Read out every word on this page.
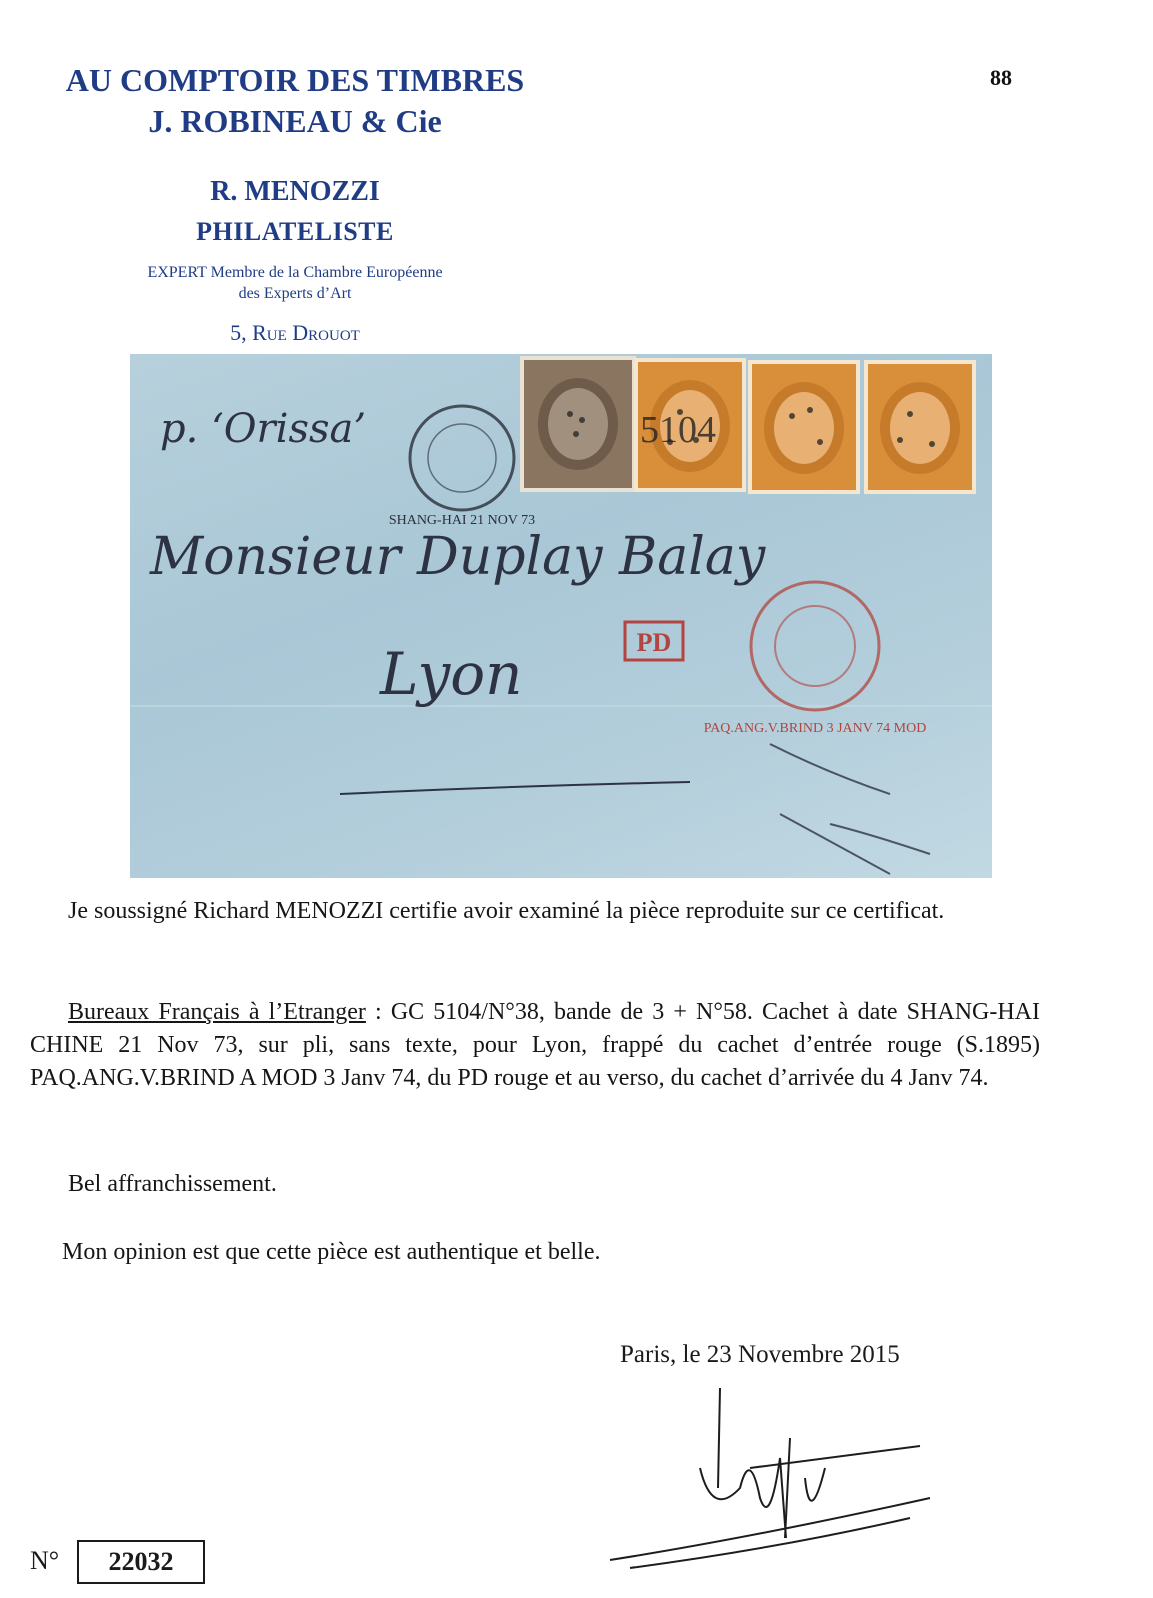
AU COMPTOIR DES TIMBRES
J. ROBINEAU & Cie
88
R. MENOZZI
PHILATELISTE
EXPERT Membre de la Chambre Européenne
des Experts d’Art
5, Rue Drouot
5104
SHANG-HAI 21 NOV 73
p. ‘Orissa’
Monsieur Duplay Balay
Lyon	PD
PAQ.ANG.V.BRIND 3 JANV 74 MOD
Je soussigné Richard MENOZZI certifie avoir examiné la pièce reproduite sur ce certificat.
Bureaux Français à l’Etranger : GC 5104/N°38, bande de 3 + N°58. Cachet à date SHANG-HAI CHINE 21 Nov 73, sur pli, sans texte, pour Lyon, frappé du cachet d’entrée rouge (S.1895) PAQ.ANG.V.BRIND A MOD 3 Janv 74, du PD rouge et au verso, du cachet d’arrivée du 4 Janv 74.
Bel affranchissement.
Mon opinion est que cette pièce est authentique et belle.
Paris, le 23 Novembre 2015
N°	22032
